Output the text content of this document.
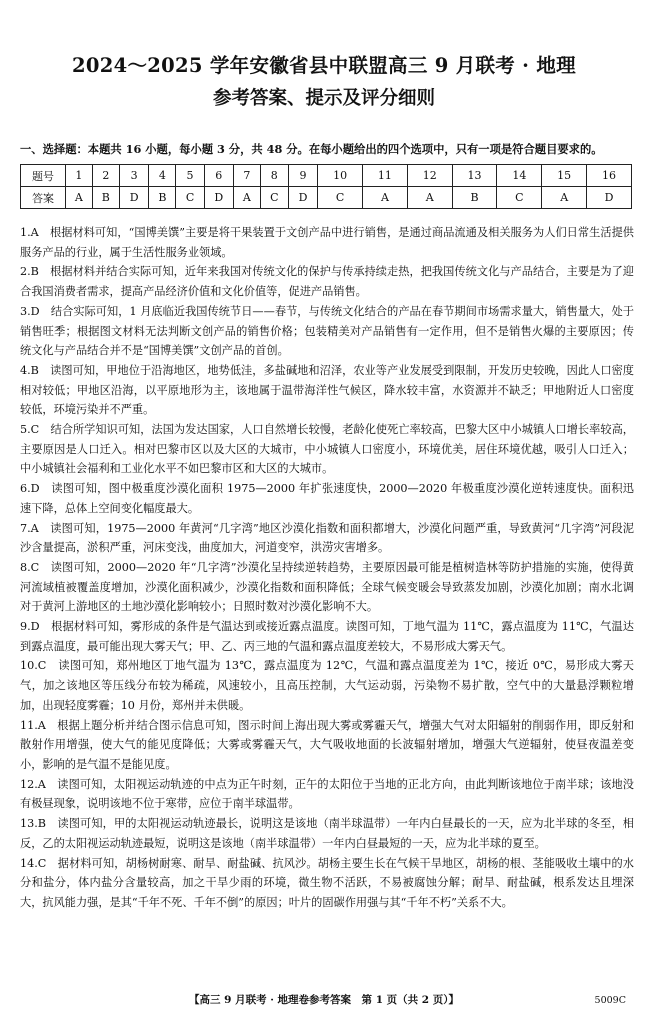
2024～2025 学年安徽省县中联盟高三 9 月联考 · 地理
参考答案、提示及评分细则
一、选择题：本题共 16 小题，每小题 3 分，共 48 分。在每小题给出的四个选项中，只有一项是符合题目要求的。
题号	1	2	3	4	5	6	7	8	9	10	11	12	13	14	15	16
答案	A	B	D	B	C	D	A	C	D	C	A	A	B	C	A	D

1.A　根据材料可知，“国博美馔”主要是将干果装置于文创产品中进行销售，是通过商品流通及相关服务为人们日常生活提供服务产品的行业，属于生活性服务业领域。

2.B　根据材料并结合实际可知，近年来我国对传统文化的保护与传承持续走热，把我国传统文化与产品结合，主要是为了迎合我国消费者需求，提高产品经济价值和文化价值等，促进产品销售。

3.D　结合实际可知，1 月底临近我国传统节日——春节，与传统文化结合的产品在春节期间市场需求量大，销售量大，处于销售旺季；根据图文材料无法判断文创产品的销售价格；包装精美对产品销售有一定作用，但不是销售火爆的主要原因；传统文化与产品结合并不是“国博美馔”文创产品的首创。

4.B　读图可知，甲地位于沿海地区，地势低洼，多盐碱地和沼泽，农业等产业发展受到限制，开发历史较晚，因此人口密度相对较低；甲地区沿海，以平原地形为主，该地属于温带海洋性气候区，降水较丰富，水资源并不缺乏；甲地附近人口密度较低，环境污染并不严重。

5.C　结合所学知识可知，法国为发达国家，人口自然增长较慢，老龄化使死亡率较高，巴黎大区中小城镇人口增长率较高，主要原因是人口迁入。相对巴黎市区以及大区的大城市，中小城镇人口密度小，环境优美，居住环境优越，吸引人口迁入；中小城镇社会福利和工业化水平不如巴黎市区和大区的大城市。

6.D　读图可知，图中极重度沙漠化面积 1975—2000 年扩张速度快，2000—2020 年极重度沙漠化逆转速度快。面积迅速下降，总体上空间变化幅度最大。

7.A　读图可知，1975—2000 年黄河“几字湾”地区沙漠化指数和面积都增大，沙漠化问题严重，导致黄河“几字湾”河段泥沙含量提高，淤积严重，河床变浅，曲度加大，河道变窄，洪涝灾害增多。

8.C　读图可知，2000—2020 年“几字湾”沙漠化呈持续逆转趋势，主要原因最可能是植树造林等防护措施的实施，使得黄河流域植被覆盖度增加，沙漠化面积减少，沙漠化指数和面积降低；全球气候变暖会导致蒸发加剧，沙漠化加剧；南水北调对于黄河上游地区的土地沙漠化影响较小；日照时数对沙漠化影响不大。

9.D　根据材料可知，雾形成的条件是气温达到或接近露点温度。读图可知，丁地气温为 11℃，露点温度为 11℃，气温达到露点温度，最可能出现大雾天气；甲、乙、丙三地的气温和露点温度差较大，不易形成大雾天气。

10.C　读图可知，郑州地区丁地气温为 13℃，露点温度为 12℃，气温和露点温度差为 1℃，接近 0℃，易形成大雾天气，加之该地区等压线分布较为稀疏，风速较小，且高压控制，大气运动弱，污染物不易扩散，空气中的大量悬浮颗粒增加，出现轻度雾霾；10 月份，郑州并未供暖。

11.A　根据上题分析并结合图示信息可知，图示时间上海出现大雾或雾霾天气，增强大气对太阳辐射的削弱作用，即反射和散射作用增强，使大气的能见度降低；大雾或雾霾天气，大气吸收地面的长波辐射增加，增强大气逆辐射，使昼夜温差变小，影响的是气温不是能见度。

12.A　读图可知，太阳视运动轨迹的中点为正午时刻，正午的太阳位于当地的正北方向，由此判断该地位于南半球；该地没有极昼现象，说明该地不位于寒带，应位于南半球温带。

13.B　读图可知，甲的太阳视运动轨迹最长，说明这是该地（南半球温带）一年内白昼最长的一天，应为北半球的冬至，相反，乙的太阳视运动轨迹最短，说明这是该地（南半球温带）一年内白昼最短的一天，应为北半球的夏至。

14.C　据材料可知，胡杨树耐寒、耐旱、耐盐碱、抗风沙。胡杨主要生长在气候干旱地区，胡杨的根、茎能吸收土壤中的水分和盐分，体内盐分含量较高，加之干旱少雨的环境，微生物不活跃，不易被腐蚀分解；耐旱、耐盐碱，根系发达且埋深大，抗风能力强，是其“千年不死、千年不倒”的原因；叶片的固碳作用强与其“千年不朽”关系不大。

【高三 9 月联考 · 地理卷参考答案　第 1 页（共 2 页）】	5009C
